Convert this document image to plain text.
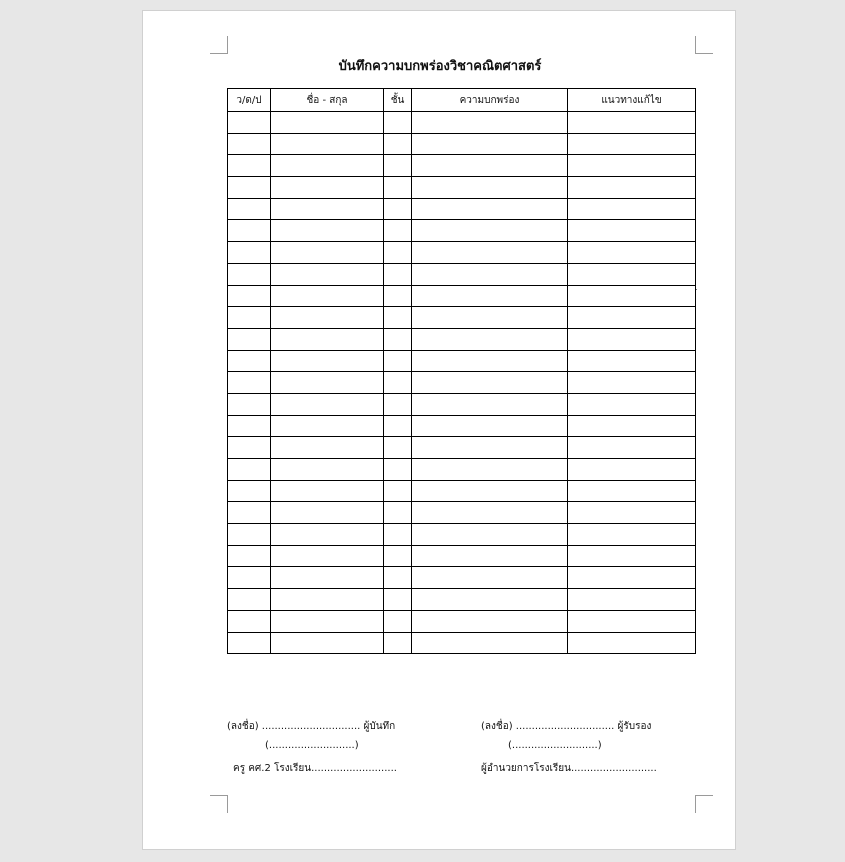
บันทึกความบกพร่องวิชาคณิตศาสตร์
ว/ด/ป	ชื่อ - สกุล	ชั้น	ความบกพร่อง	แนวทางแก้ไข

(ลงชื่อ) ............................... ผู้บันทึก
(...........................)
ครู คศ.2 โรงเรียน...........................
(ลงชื่อ) ............................... ผู้รับรอง
(...........................)
ผู้อำนวยการโรงเรียน...........................
